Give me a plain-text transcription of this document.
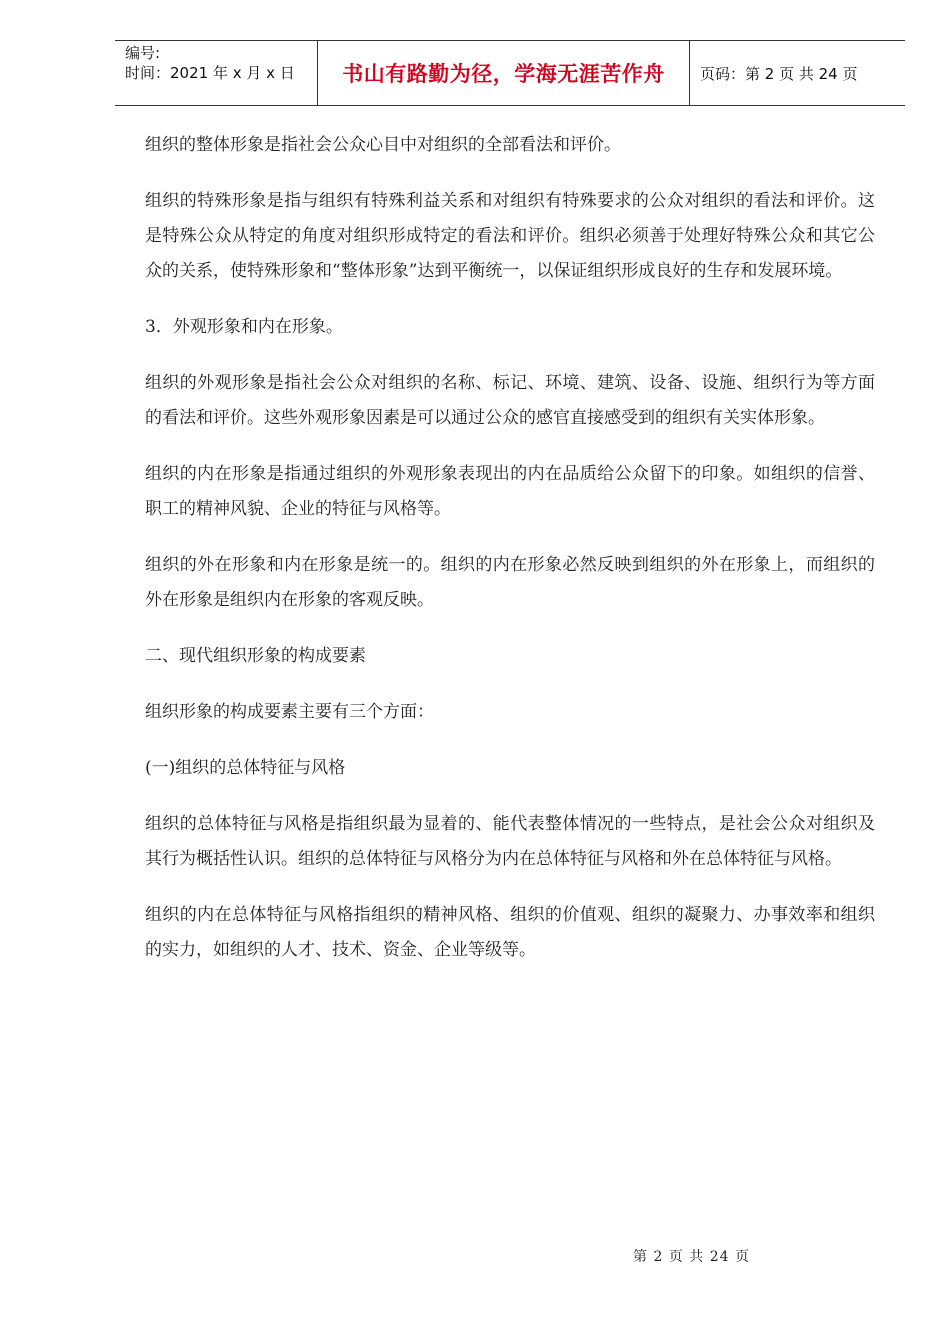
编号:
时间：2021 年 x 月 x 日	书山有路勤为径，学海无涯苦作舟	页码：第 2 页 共 24 页

组织的整体形象是指社会公众心目中对组织的全部看法和评价。

组织的特殊形象是指与组织有特殊利益关系和对组织有特殊要求的公众对组织的看法和评价。这是特殊公众从特定的角度对组织形成特定的看法和评价。组织必须善于处理好特殊公众和其它公众的关系，使特殊形象和“整体形象”达到平衡统一，以保证组织形成良好的生存和发展环境。

3．外观形象和内在形象。

组织的外观形象是指社会公众对组织的名称、标记、环境、建筑、设备、设施、组织行为等方面的看法和评价。这些外观形象因素是可以通过公众的感官直接感受到的组织有关实体形象。

组织的内在形象是指通过组织的外观形象表现出的内在品质给公众留下的印象。如组织的信誉、职工的精神风貌、企业的特征与风格等。

组织的外在形象和内在形象是统一的。组织的内在形象必然反映到组织的外在形象上，而组织的外在形象是组织内在形象的客观反映。

二、现代组织形象的构成要素

组织形象的构成要素主要有三个方面：

(一)组织的总体特征与风格

组织的总体特征与风格是指组织最为显着的、能代表整体情况的一些特点，是社会公众对组织及其行为概括性认识。组织的总体特征与风格分为内在总体特征与风格和外在总体特征与风格。

组织的内在总体特征与风格指组织的精神风格、组织的价值观、组织的凝聚力、办事效率和组织的实力，如组织的人才、技术、资金、企业等级等。

第 2 页 共 24 页
